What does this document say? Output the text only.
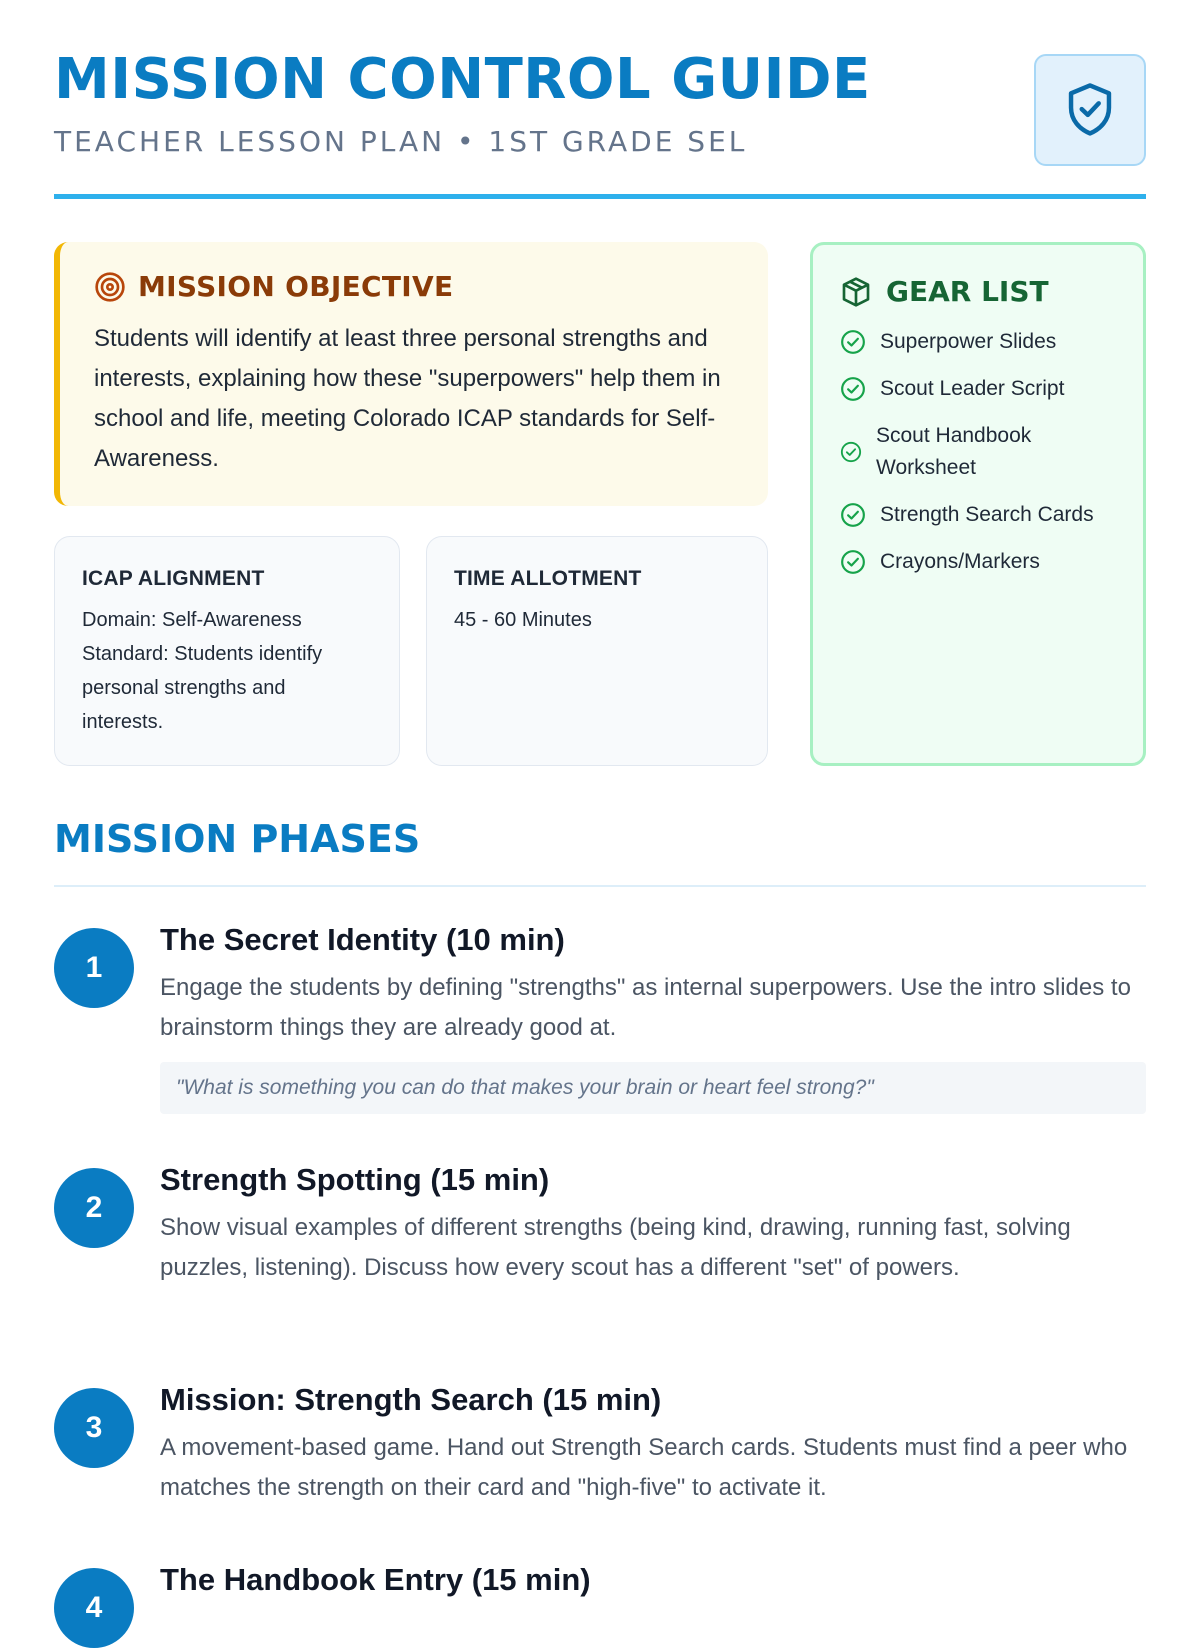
MISSION CONTROL GUIDE
TEACHER LESSON PLAN • 1ST GRADE SEL
MISSION OBJECTIVE
Students will identify at least three personal strengths and interests, explaining how these "superpowers" help them in school and life, meeting Colorado ICAP standards for Self-Awareness.
ICAP ALIGNMENT
Domain: Self-Awareness
Standard: Students identify personal strengths and interests.
TIME ALLOTMENT
45 - 60 Minutes
GEAR LIST
Superpower Slides
Scout Leader Script
Scout Handbook Worksheet
Strength Search Cards
Crayons/Markers
MISSION PHASES
1
The Secret Identity (10 min)
Engage the students by defining "strengths" as internal superpowers. Use the intro slides to brainstorm things they are already good at.
"What is something you can do that makes your brain or heart feel strong?"
2
Strength Spotting (15 min)
Show visual examples of different strengths (being kind, drawing, running fast, solving puzzles, listening). Discuss how every scout has a different "set" of powers.
3
Mission: Strength Search (15 min)
A movement-based game. Hand out Strength Search cards. Students must find a peer who matches the strength on their card and "high-five" to activate it.
4
The Handbook Entry (15 min)
